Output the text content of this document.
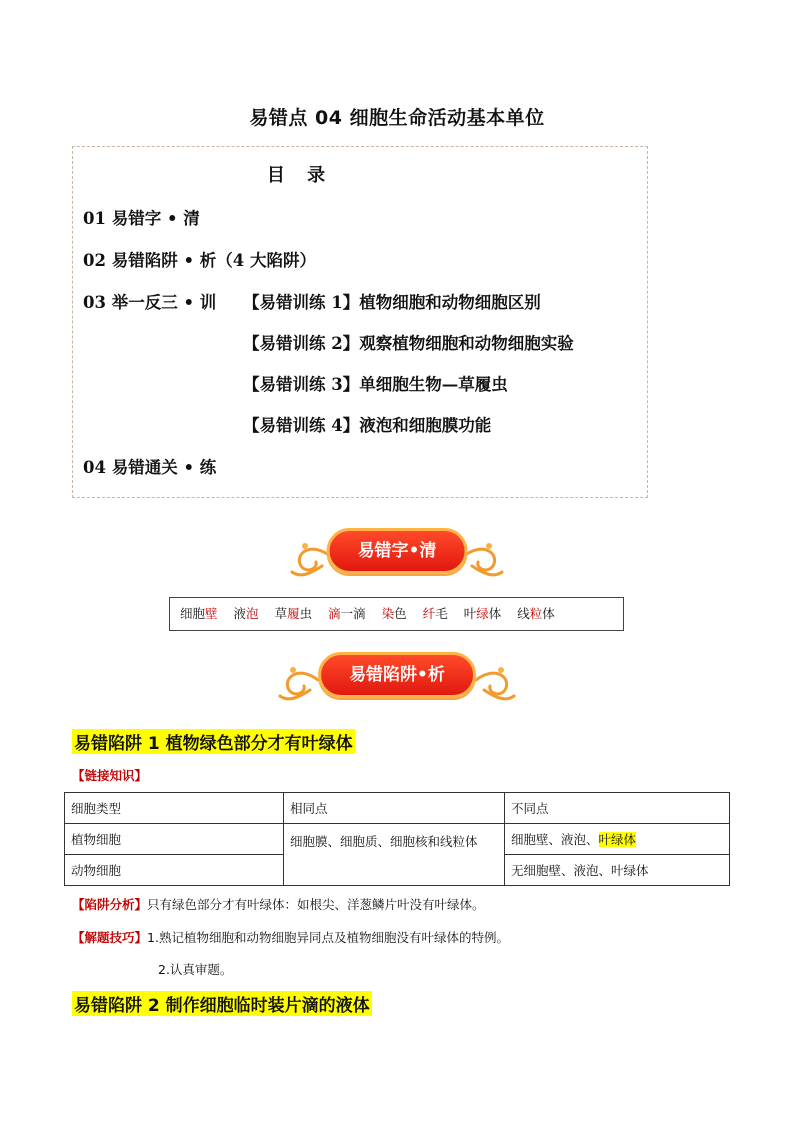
易错点 04 细胞生命活动基本单位
目 录
01 易错字 • 清
02 易错陷阱 • 析（4 大陷阱）
03 举一反三 • 训 【易错训练 1】植物细胞和动物细胞区别
【易错训练 2】观察植物细胞和动物细胞实验
【易错训练 3】单细胞生物—草履虫
【易错训练 4】液泡和细胞膜功能
04 易错通关 • 练
易错字•清
细胞壁 液泡 草履虫 滴一滴 染色 纤毛 叶绿体 线粒体
易错陷阱•析
易错陷阱 1 植物绿色部分才有叶绿体
【链接知识】
细胞类型	相同点	不同点
植物细胞	细胞膜、细胞质、细胞核和线粒体	细胞壁、液泡、叶绿体
动物细胞		无细胞壁、液泡、叶绿体
【陷阱分析】只有绿色部分才有叶绿体：如根尖、洋葱鳞片叶没有叶绿体。
【解题技巧】1.熟记植物细胞和动物细胞异同点及植物细胞没有叶绿体的特例。
2.认真审题。
易错陷阱 2 制作细胞临时装片滴的液体
